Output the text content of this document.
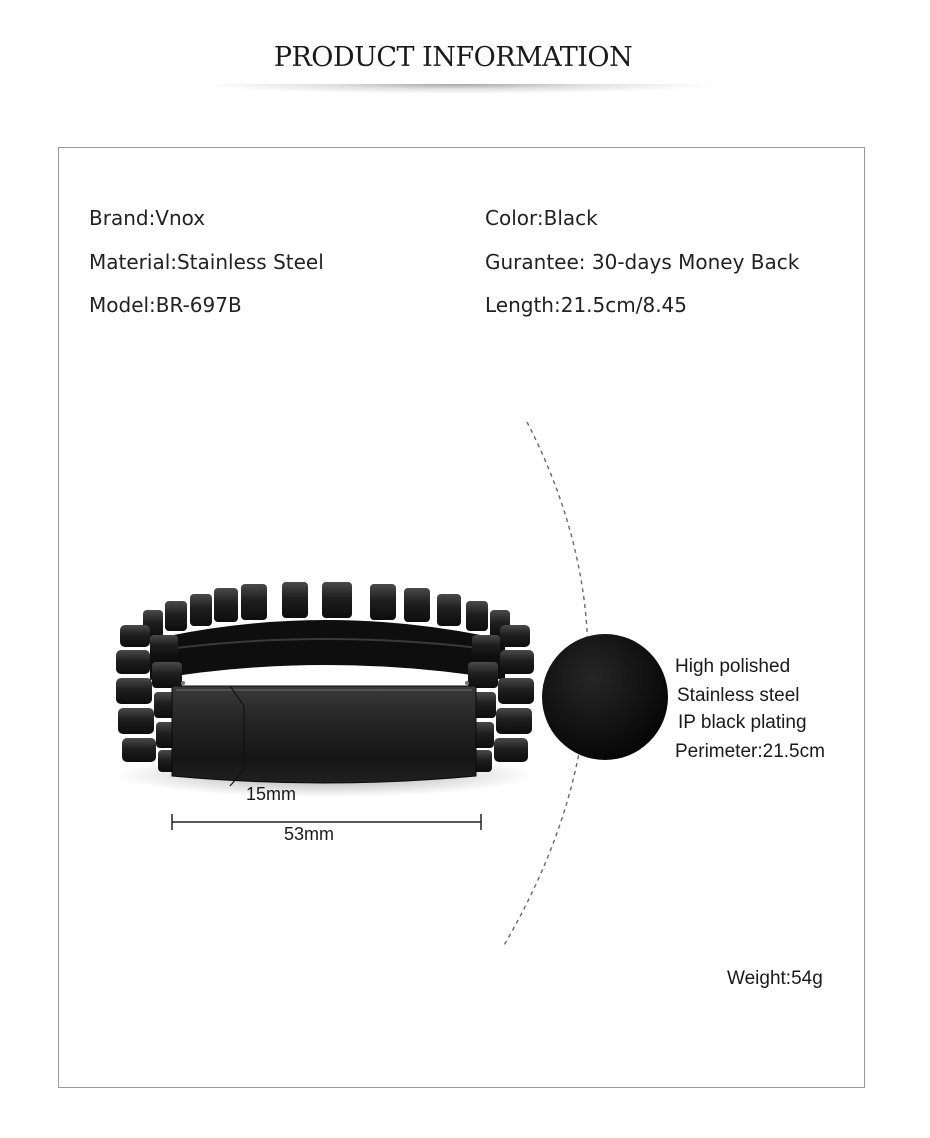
PRODUCT INFORMATION
Brand:Vnox
Material:Stainless Steel
Model:BR-697B
Color:Black
Gurantee: 30-days Money Back
Length:21.5cm/8.45
15mm
53mm
High polished
Stainless steel
IP black plating
Perimeter:21.5cm
Weight:54g
